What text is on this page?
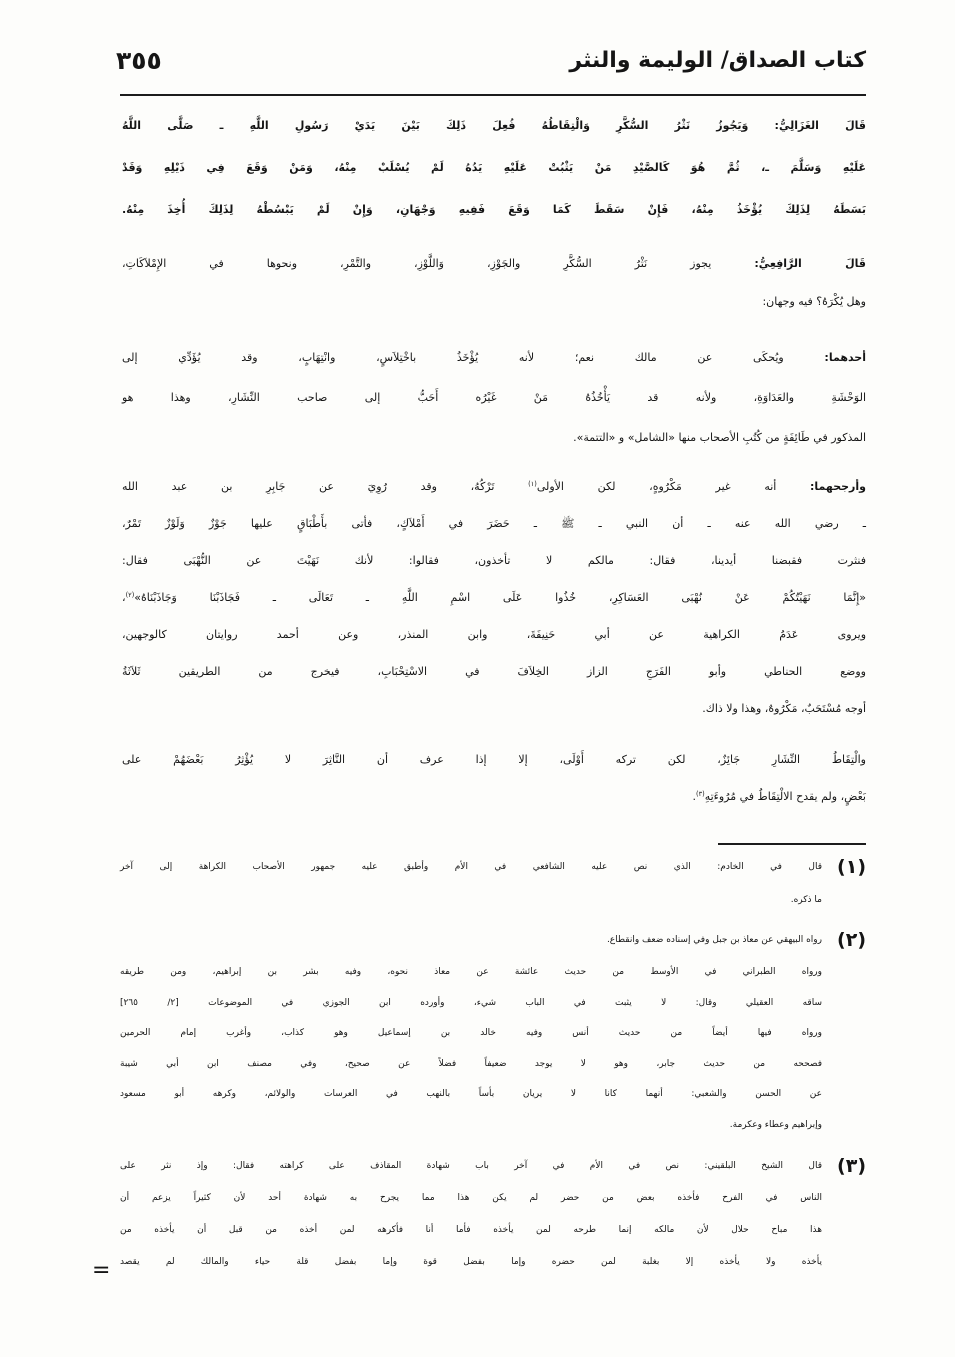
كتاب الصداق/ الوليمة والنثر
٣٥٥
قَالَ الغَزَالِيُّ: وَيَجُوزُ نَثْرُ السُّكَّرِ وَالْتِقَاطُهُ فُعِلَ ذَلِكَ بَيْنَ يَدَيْ رَسُولِ اللَّهِ ـ صَلَّى اللَّهُ
عَلَيْهِ وَسَلَّمَ ـ، ثُمَّ هُوَ كَالصَّيْدِ مَنْ يَثْبُتْ عَلَيْهِ يَدُهُ لَمْ يُسْلَبْ مِنْهُ، وَمَنْ وَقَعَ فِي ذَيْلِهِ وَقَدْ
بَسَطَهُ لِذَلِكَ يُؤْخَذُ مِنْهُ، فَإِنْ سَقَطَ كَمَا وَقَعَ فَفِيهِ وَجْهَانِ، وَإِنْ لَمْ يَبْسُطْهُ لِذَلِكَ أُخِذَ مِنْهُ.
قَالَ الرَّافِعِيُّ: يجوز نَثْرُ السُّكَّرِ والجَوْزِ، وَاللَّوْزِ، والتَّمْرِ، ونحوها في الإِمْلاَكَاتِ،
وهل يُكْرَهُ؟ فيه وجهان:
أحدهما: ويُحكَى عن مالك نعم؛ لأنه يُؤْخَذُ باخْتِلاَسٍ، وانْتِهَابٍ، وقد يُؤَدِّي إلى
الوَحْشَةِ والعَدَاوَةِ، ولأنه قد يَأْخُذُهُ مَنْ غَيْرُه أَحَبُّ إلى صاحب النِّشَارِ، وهذا هو
المذكور في طَائِفَةٍ من كُتُبِ الأصحاب منها «الشامل» و «التتمة».
وأرجحهما: أنه غير مَكْرُوهٍ، لكن الأولى$^{(١)}$ تَرْكُهُ، وقد رُوِيَ عن جَابِرِ بن عبد الله
ـ رضي الله عنه ـ أن النبي ـ ﷺ ـ حَضَرَ في أَمْلاَكٍ، فأتى بأَطْبَاقٍ عليها جَوْزٌ وَلَوْزٌ تَمْرٌ،
فنثرت فقبضنا أيدينا، فقال: مالكم لا تأخذون، فقالوا: لأنك نَهَيْتَ عن النُّهْبَى فقال:
«إِنَّمَا نَهَيْتُكُمْ عَنْ نُهْبَى العَسَاكِرِ، خُذُوا عَلَى اسْمِ اللَّهِ ـ تَعَالَى ـ فَجَاذَبْنَا وَجَاذَبْنَاهُ»$^{(٢)}$،
ويروى عَدَمُ الكراهية عن أبي حَنِيفَةَ، وابن المنذر، وعن أحمد روايتان كالوجهين،
ووضع الحناطي وأبو الفَرَجِ الزاز الخِلاَفَ في الاسْتِحْبَابِ، فيخرج من الطريقين ثَلاَثَةُ
أوجه مُسْتَحَبٌ، مَكْرُوهٌ، وهذا ولا ذاك.
والْتِقَاطُ النِّشَارِ جَائِزٌ، لكن تركه أَوْلَى، إلا إذا عرف أن النَّاثِرَ لا يُؤْثِرُ بَعْضَهُمْ على
بَعْضٍ، ولم يقدح الالْتِقَاطُ في مُرُوءَتِهِ$^{(٣)}$.
(١)
قال في الخادم: الذي نص عليه الشافعي في الأم وأطبق عليه جمهور الأصحاب الكراهة إلى آخر
ما ذكره.
(٢)
رواه البيهقي عن معاذ بن جبل وفي إسناده ضعف وانقطاع.
ورواه الطبراني في الأوسط من حديث عائشة عن معاذ نحوه، وفيه بشر بن إبراهيم، ومن طريقه
ساقه العقيلي وقال: لا يثبت في الباب شيء، وأورده ابن الجوزي في الموضوعات [٢/ ٢٦٥]
ورواه فيها أيضاً من حديث أنس وفيه خالد بن إسماعيل وهو كذاب، وأغرب إمام الحرمين
فصححه من حديث جابر، وهو لا يوجد ضعيفاً فضلاً عن صحيح، وفي مصنف ابن أبي شيبة
عن الحسن والشعبي: أنهما كانا لا يريان بأساً بالنهب في العرسات والولائم، وكرهه أبو مسعود
وإبراهيم وعطاء وعكرمة.
(٣)
قال الشيخ البلقيني: نص في الأم في آخر باب شهادة المقاذف على كراهته فقال: وإذ نثر على
الناس في الفرح فأخذه بعض من حضر لم يكن هذا مما يجرح به شهادة أحد لأن كثيراً يزعم أن
هذا مباح حلال لأن مالكه إنما طرحه لمن يأخذه فأما أنا فأكرهه لمن أخذه من قبل أن يأخذه من
يأخذه ولا يأخذه إلا بغلبة لمن حضره وإما بفضل قوة وإما بفضل قلة حياء والمالك لم يقصد
=
